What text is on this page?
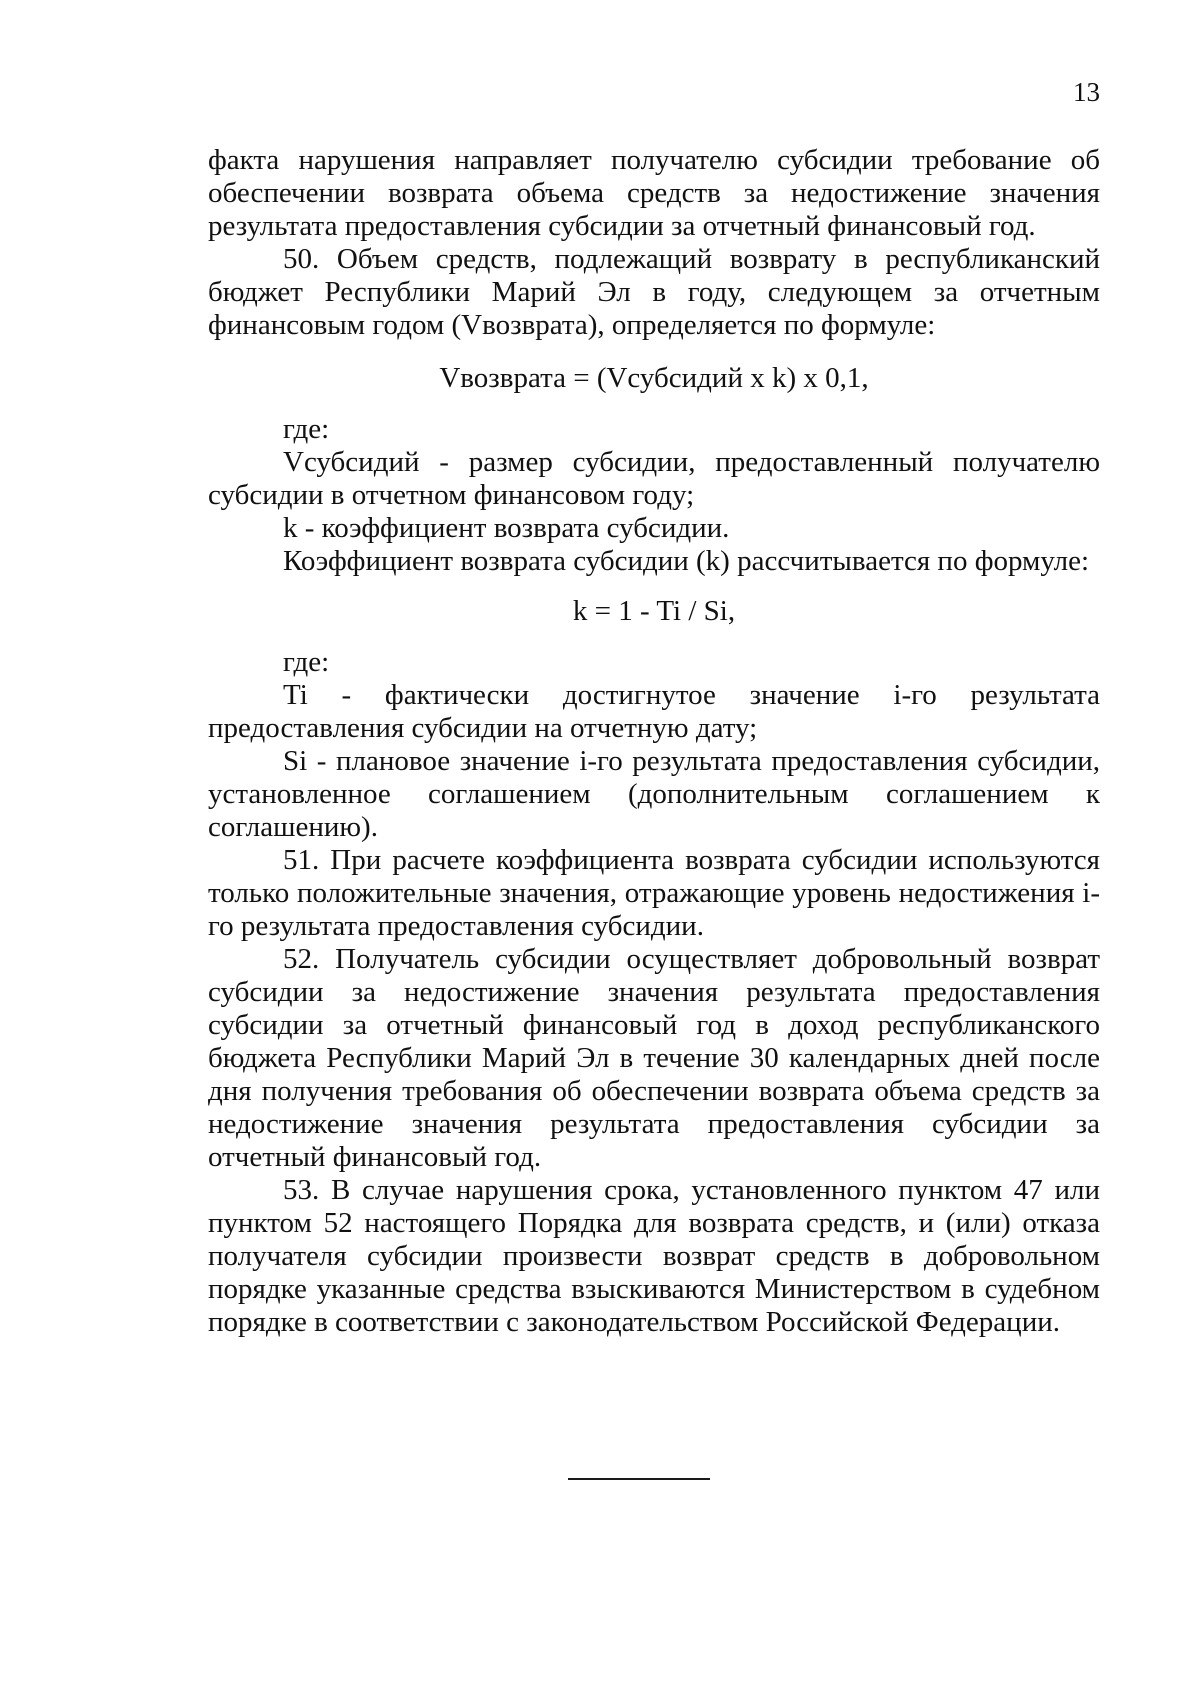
13

факта нарушения направляет получателю субсидии требование об обеспечении возврата объема средств за недостижение значения результата предоставления субсидии за отчетный финансовый год.

50. Объем средств, подлежащий возврату в республиканский бюджет Республики Марий Эл в году, следующем за отчетным финансовым годом (Vвозврата), определяется по формуле:

Vвозврата = (Vсубсидий x k) x 0,1,

где:

Vсубсидий - размер субсидии, предоставленный получателю субсидии в отчетном финансовом году;

k - коэффициент возврата субсидии.

Коэффициент возврата субсидии (k) рассчитывается по формуле:

k = 1 - Ti / Si,

где:

Ti - фактически достигнутое значение i-го результата предоставления субсидии на отчетную дату;

Si - плановое значение i-го результата предоставления субсидии, установленное соглашением (дополнительным соглашением к соглашению).

51. При расчете коэффициента возврата субсидии используются только положительные значения, отражающие уровень недостижения i-го результата предоставления субсидии.

52. Получатель субсидии осуществляет добровольный возврат субсидии за недостижение значения результата предоставления субсидии за отчетный финансовый год в доход республиканского бюджета Республики Марий Эл в течение 30 календарных дней после дня получения требования об обеспечении возврата объема средств за недостижение значения результата предоставления субсидии за отчетный финансовый год.

53. В случае нарушения срока, установленного пунктом 47 или пунктом 52 настоящего Порядка для возврата средств, и (или) отказа получателя субсидии произвести возврат средств в добровольном порядке указанные средства взыскиваются Министерством в судебном порядке в соответствии с законодательством Российской Федерации.
